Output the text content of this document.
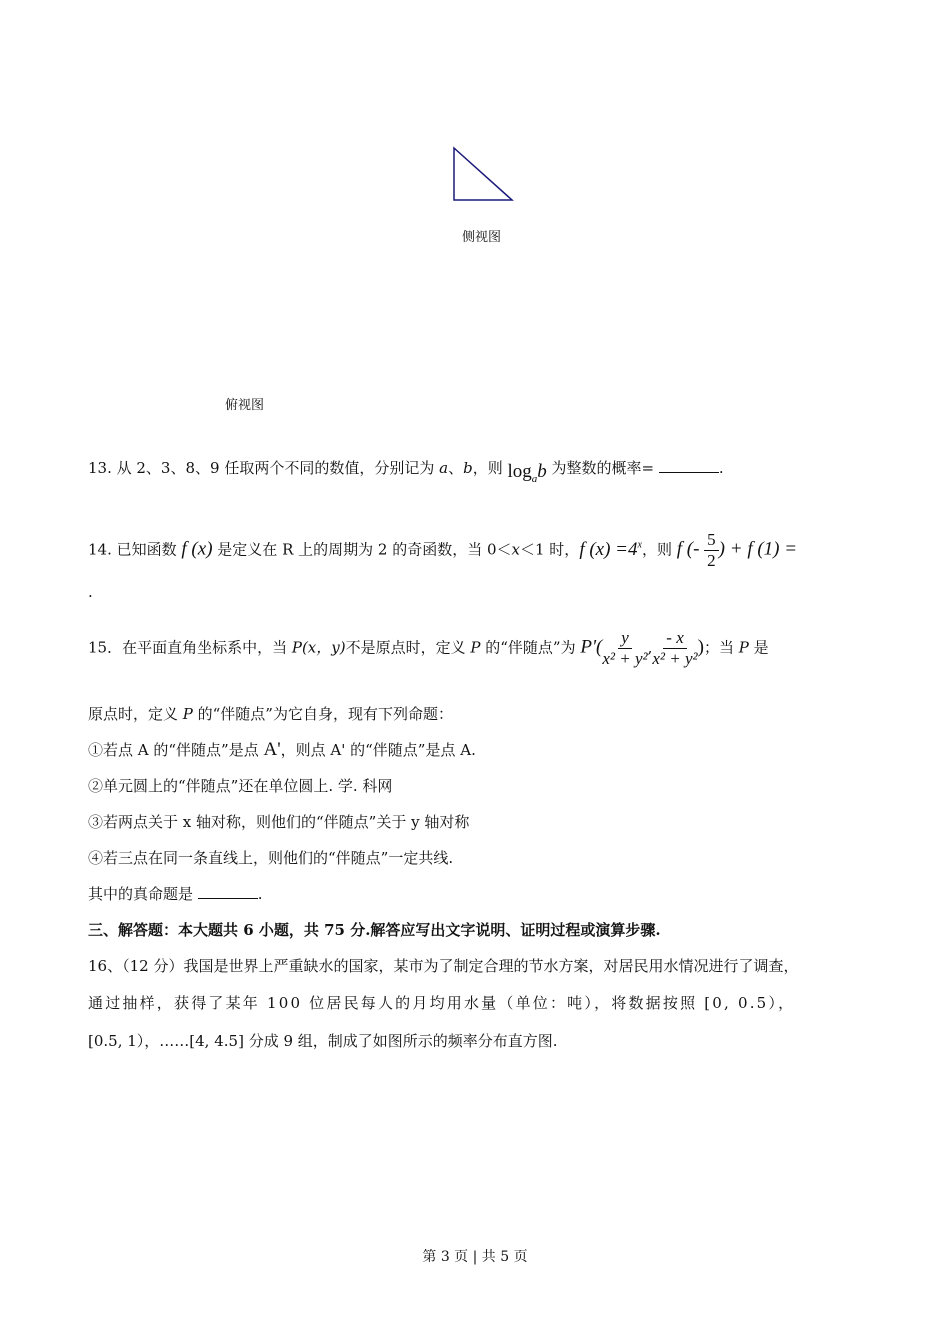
侧视图
俯视图
13. 从 2、3、8、9 任取两个不同的数值，分别记为 a、b，则 $\log_ab$ 为整数的概率=	.
14. 已知函数 f (x) 是定义在 R 上的周期为 2 的奇函数，当 0＜x＜1 时，f $(x) =4^x$，则 f (- $\frac{5}{2}$ ) + f (1) =
.
15．在平面直角坐标系中，当 P(x，y)不是原点时，定义 P 的“伴随点”为 $P'( \frac{y}{\text{x² + y²}}$ , $\frac{- x}{\text{x² + y²}}$ )；当 P 是
原点时，定义 P 的“伴随点”为它自身，现有下列命题：
①若点 A 的“伴随点”是点 A'，则点 A' 的“伴随点”是点 A.
②单元圆上的“伴随点”还在单位圆上. 学. 科网
③若两点关于 x 轴对称，则他们的“伴随点”关于 y 轴对称
④若三点在同一条直线上，则他们的“伴随点”一定共线.
其中的真命题是	.
三、解答题：本大题共 6 小题，共 75 分.解答应写出文字说明、证明过程或演算步骤.
16、（12 分）我国是世界上严重缺水的国家，某市为了制定合理的节水方案，对居民用水情况进行了调查，
通过抽样，获得了某年 100 位居民每人的月均用水量（单位：吨），将数据按照 [0, 0.5），
[0.5, 1），……[4, 4.5] 分成 9 组，制成了如图所示的频率分布直方图.
第 3 页 | 共 5 页
